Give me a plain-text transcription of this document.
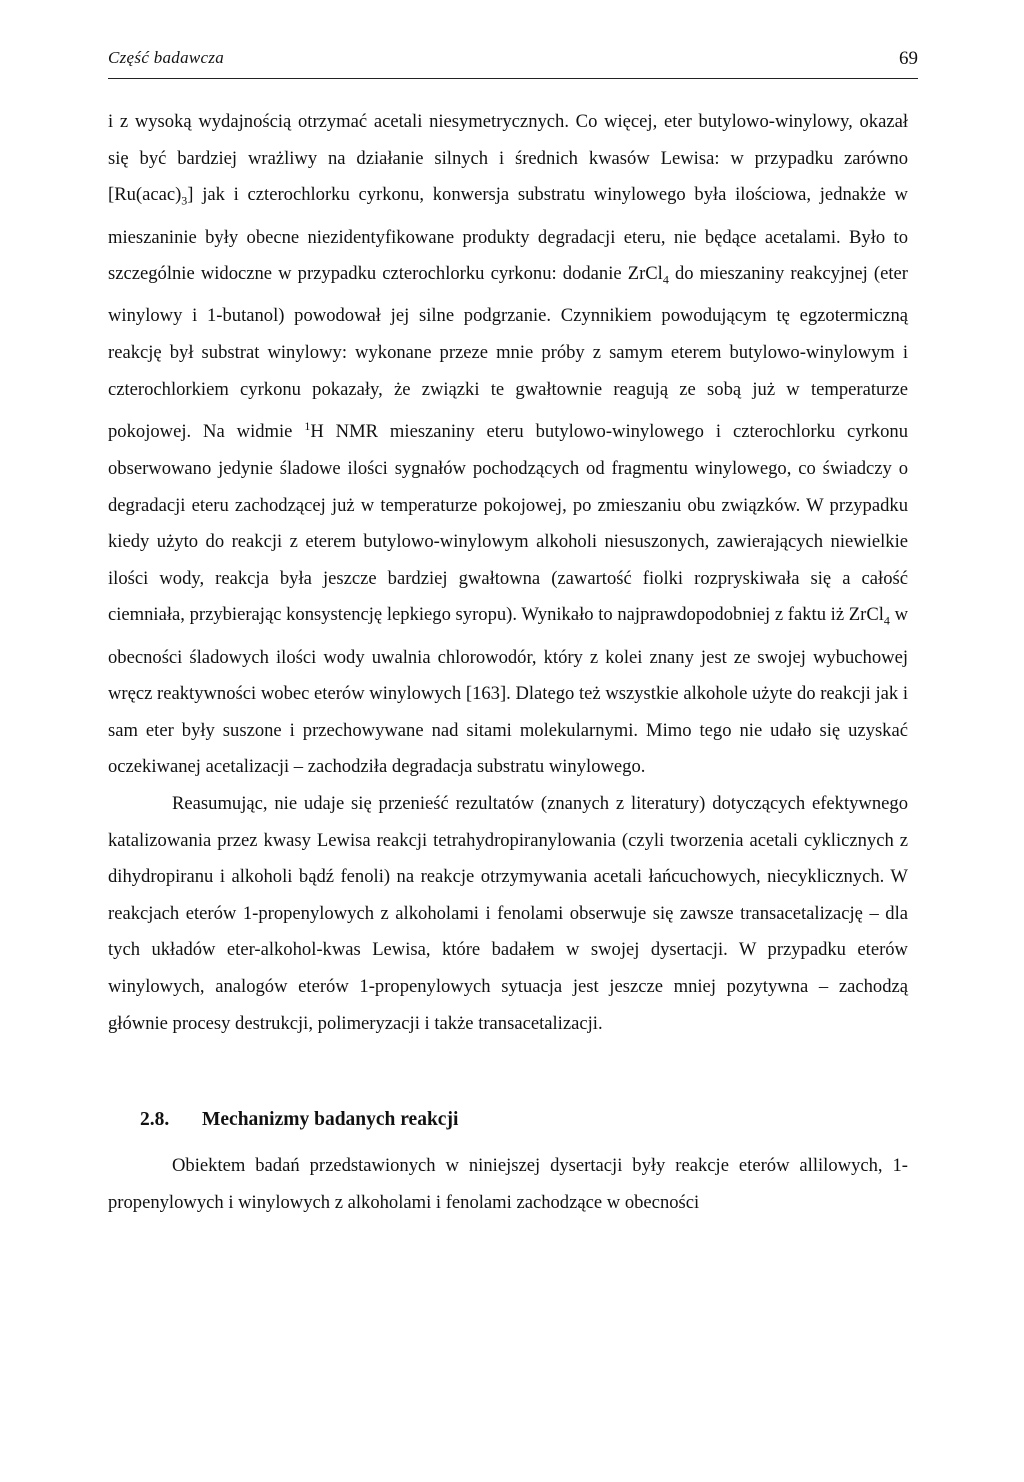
Część badawcza	69

i z wysoką wydajnością otrzymać acetali niesymetrycznych. Co więcej, eter butylowo-winylowy, okazał się być bardziej wrażliwy na działanie silnych i średnich kwasów Lewisa: w przypadku zarówno $[Ru(acac)_3]$ jak i czterochlorku cyrkonu, konwersja substratu winylowego była ilościowa, jednakże w mieszaninie były obecne niezidentyfikowane produkty degradacji eteru, nie będące acetalami. Było to szczególnie widoczne w przypadku czterochlorku cyrkonu: dodanie ZrCl$_4$ do mieszaniny reakcyjnej (eter winylowy i 1-butanol) powodował jej silne podgrzanie. Czynnikiem powodującym tę egzotermiczną reakcję był substrat winylowy: wykonane przeze mnie próby z samym eterem butylowo-winylowym i czterochlorkiem cyrkonu pokazały, że związki te gwałtownie reagują ze sobą już w temperaturze pokojowej. Na widmie $^1$H NMR mieszaniny eteru butylowo-winylowego i czterochlorku cyrkonu obserwowano jedynie śladowe ilości sygnałów pochodzących od fragmentu winylowego, co świadczy o degradacji eteru zachodzącej już w temperaturze pokojowej, po zmieszaniu obu związków. W przypadku kiedy użyto do reakcji z eterem butylowo-winylowym alkoholi niesuszonych, zawierających niewielkie ilości wody, reakcja była jeszcze bardziej gwałtowna (zawartość fiolki rozpryskiwała się a całość ciemniała, przybierając konsystencję lepkiego syropu). Wynikało to najprawdopodobniej z faktu iż ZrCl$_4$ w obecności śladowych ilości wody uwalnia chlorowodór, który z kolei znany jest ze swojej wybuchowej wręcz reaktywności wobec eterów winylowych [163]. Dlatego też wszystkie alkohole użyte do reakcji jak i sam eter były suszone i przechowywane nad sitami molekularnymi. Mimo tego nie udało się uzyskać oczekiwanej acetalizacji – zachodziła degradacja substratu winylowego.

Reasumując, nie udaje się przenieść rezultatów (znanych z literatury) dotyczących efektywnego katalizowania przez kwasy Lewisa reakcji tetrahydropiranylowania (czyli tworzenia acetali cyklicznych z dihydropiranu i alkoholi bądź fenoli) na reakcje otrzymywania acetali łańcuchowych, niecyklicznych. W reakcjach eterów 1-propenylowych z alkoholami i fenolami obserwuje się zawsze transacetalizację – dla tych układów eter-alkohol-kwas Lewisa, które badałem w swojej dysertacji. W przypadku eterów winylowych, analogów eterów 1-propenylowych sytuacja jest jeszcze mniej pozytywna – zachodzą głównie procesy destrukcji, polimeryzacji i także transacetalizacji.

2.8. Mechanizmy badanych reakcji

Obiektem badań przedstawionych w niniejszej dysertacji były reakcje eterów allilowych, 1-propenylowych i winylowych z alkoholami i fenolami zachodzące w obecności
